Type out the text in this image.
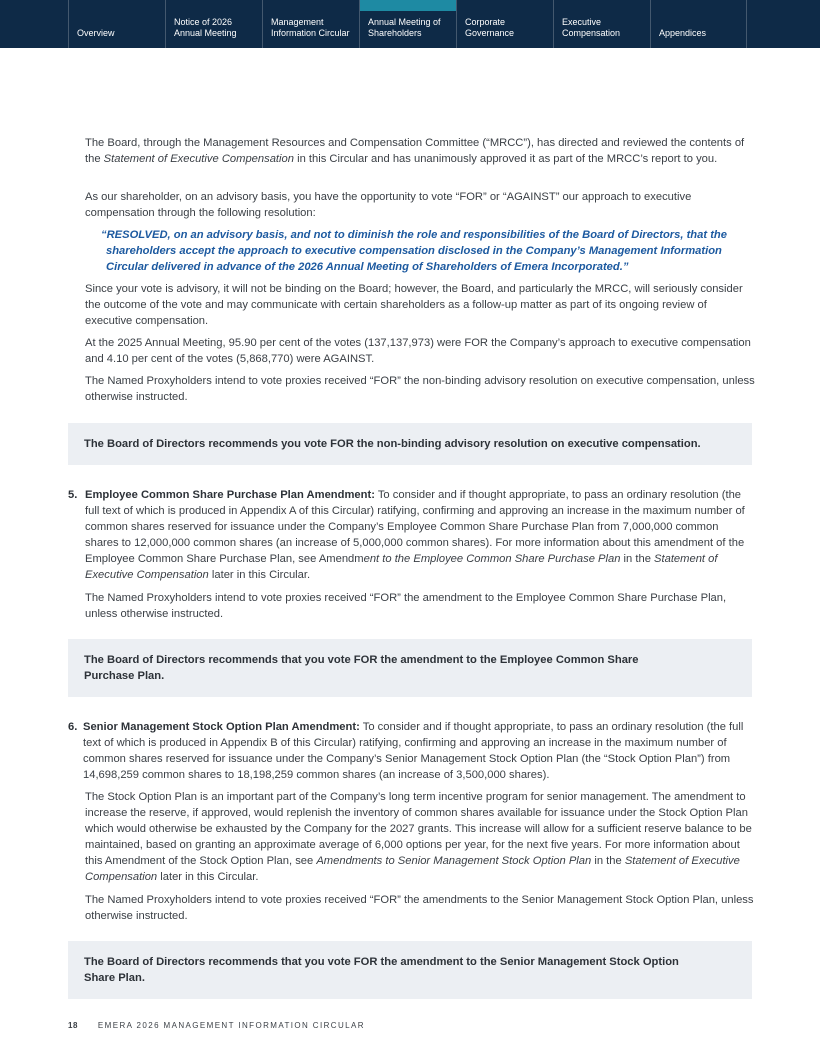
Overview
Notice of 2026
Annual Meeting
Management
Information Circular
Annual Meeting of
Shareholders
Corporate
Governance
Executive
Compensation	Appendices

The Board, through the Management Resources and Compensation Committee (“MRCC”), has directed and reviewed the contents of the Statement of Executive Compensation in this Circular and has unanimously approved it as part of the MRCC’s report to you.

As our shareholder, on an advisory basis, you have the opportunity to vote “FOR” or “AGAINST” our approach to executive compensation through the following resolution:

“RESOLVED, on an advisory basis, and not to diminish the role and responsibilities of the Board of Directors, that the shareholders accept the approach to executive compensation disclosed in the Company’s Management Information Circular delivered in advance of the 2026 Annual Meeting of Shareholders of Emera Incorporated.”

Since your vote is advisory, it will not be binding on the Board; however, the Board, and particularly the MRCC, will seriously consider the outcome of the vote and may communicate with certain shareholders as a follow-up matter as part of its ongoing review of executive compensation.

At the 2025 Annual Meeting, 95.90 per cent of the votes (137,137,973) were FOR the Company’s approach to executive compensation and 4.10 per cent of the votes (5,868,770) were AGAINST.

The Named Proxyholders intend to vote proxies received “FOR” the non-binding advisory resolution on executive compensation, unless otherwise instructed.

The Board of Directors recommends you vote FOR the non-binding advisory resolution on executive compensation.
5. Employee Common Share Purchase Plan Amendment: To consider and if thought appropriate, to pass an ordinary resolution (the full text of which is produced in Appendix A of this Circular) ratifying, confirming and approving an increase in the maximum number of common shares reserved for issuance under the Company’s Employee Common Share Purchase Plan from 7,000,000 common shares to 12,000,000 common shares (an increase of 5,000,000 common shares). For more information about this amendment of the Employee Common Share Purchase Plan, see Amendment to the Employee Common Share Purchase Plan in the Statement of Executive Compensation later in this Circular.

The Named Proxyholders intend to vote proxies received “FOR” the amendment to the Employee Common Share Purchase Plan, unless otherwise instructed.

The Board of Directors recommends that you vote FOR the amendment to the Employee Common Share
Purchase Plan.
6. Senior Management Stock Option Plan Amendment: To consider and if thought appropriate, to pass an ordinary resolution (the full text of which is produced in Appendix B of this Circular) ratifying, confirming and approving an increase in the maximum number of common shares reserved for issuance under the Company’s Senior Management Stock Option Plan (the “Stock Option Plan”) from 14,698,259 common shares to 18,198,259 common shares (an increase of 3,500,000 shares).

The Stock Option Plan is an important part of the Company’s long term incentive program for senior management. The amendment to increase the reserve, if approved, would replenish the inventory of common shares available for issuance under the Stock Option Plan which would otherwise be exhausted by the Company for the 2027 grants. This increase will allow for a sufficient reserve balance to be maintained, based on granting an approximate average of 6,000 options per year, for the next five years. For more information about this Amendment of the Stock Option Plan, see Amendments to Senior Management Stock Option Plan in the Statement of Executive Compensation later in this Circular.

The Named Proxyholders intend to vote proxies received “FOR” the amendments to the Senior Management Stock Option Plan, unless otherwise instructed.

The Board of Directors recommends that you vote FOR the amendment to the Senior Management Stock Option
Share Plan.
18	EMERA 2026 MANAGEMENT INFORMATION CIRCULAR
